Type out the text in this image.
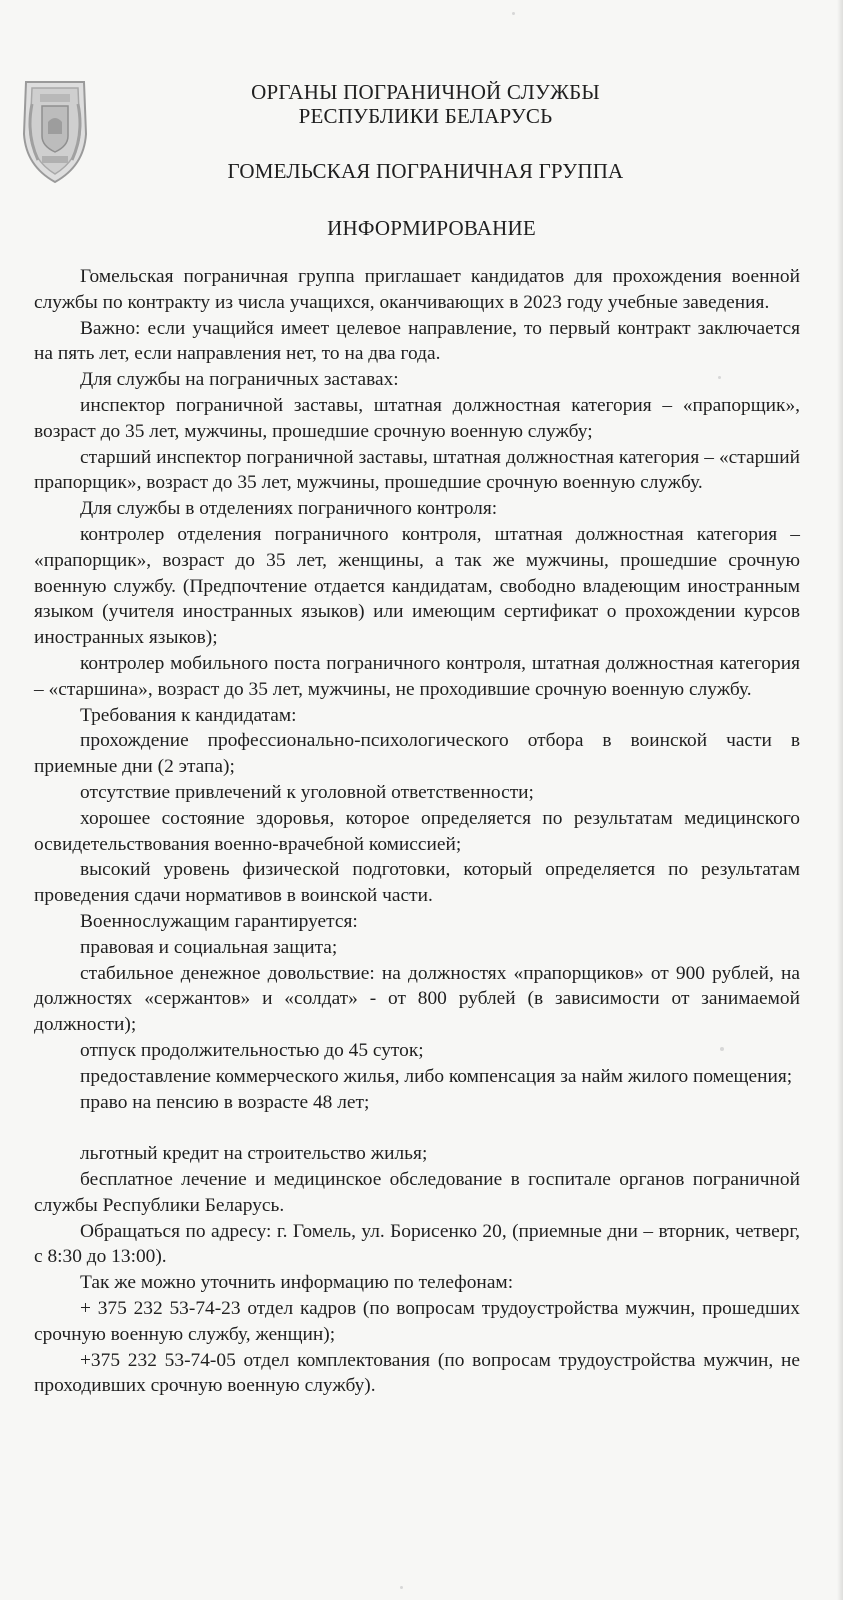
ОРГАНЫ ПОГРАНИЧНОЙ СЛУЖБЫ
РЕСПУБЛИКИ БЕЛАРУСЬ
ГОМЕЛЬСКАЯ ПОГРАНИЧНАЯ ГРУППА
ИНФОРМИРОВАНИЕ

Гомельская пограничная группа приглашает кандидатов для прохождения военной службы по контракту из числа учащихся, оканчивающих в 2023 году учебные заведения.

Важно: если учащийся имеет целевое направление, то первый контракт заключается на пять лет, если направления нет, то на два года.

Для службы на пограничных заставах:

инспектор пограничной заставы, штатная должностная категория – «прапорщик», возраст до 35 лет, мужчины, прошедшие срочную военную службу;

старший инспектор пограничной заставы, штатная должностная категория – «старший прапорщик», возраст до 35 лет, мужчины, прошедшие срочную военную службу.

Для службы в отделениях пограничного контроля:

контролер отделения пограничного контроля, штатная должностная категория – «прапорщик», возраст до 35 лет, женщины, а так же мужчины, прошедшие срочную военную службу. (Предпочтение отдается кандидатам, свободно владеющим иностранным языком (учителя иностранных языков) или имеющим сертификат о прохождении курсов иностранных языков);

контролер мобильного поста пограничного контроля, штатная должностная категория – «старшина», возраст до 35 лет, мужчины, не проходившие срочную военную службу.

Требования к кандидатам:

прохождение профессионально-психологического отбора в воинской части в приемные дни (2 этапа);

отсутствие привлечений к уголовной ответственности;

хорошее состояние здоровья, которое определяется по результатам медицинского освидетельствования военно-врачебной комиссией;

высокий уровень физической подготовки, который определяется по результатам проведения сдачи нормативов в воинской части.

Военнослужащим гарантируется:

правовая и социальная защита;

стабильное денежное довольствие: на должностях «прапорщиков» от 900 рублей, на должностях «сержантов» и «солдат» - от 800 рублей (в зависимости от занимаемой должности);

отпуск продолжительностью до 45 суток;

предоставление коммерческого жилья, либо компенсация за найм жилого помещения;

право на пенсию в возрасте 48 лет;

льготный кредит на строительство жилья;

бесплатное лечение и медицинское обследование в госпитале органов пограничной службы Республики Беларусь.

Обращаться по адресу: г. Гомель, ул. Борисенко 20, (приемные дни – вторник, четверг, с 8:30 до 13:00).

Так же можно уточнить информацию по телефонам:

+ 375 232 53-74-23 отдел кадров (по вопросам трудоустройства мужчин, прошедших срочную военную службу, женщин);

+375 232 53-74-05 отдел комплектования (по вопросам трудоустройства мужчин, не проходивших срочную военную службу).
